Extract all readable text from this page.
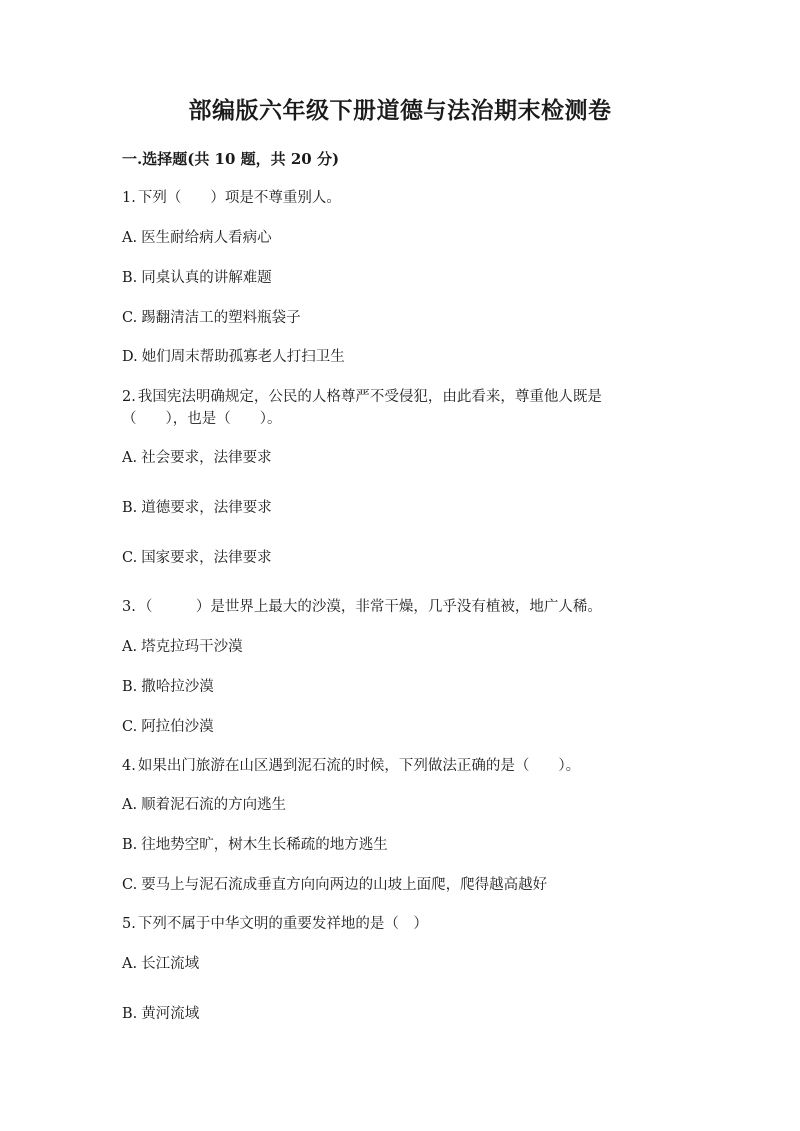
部编版六年级下册道德与法治期末检测卷
一.选择题(共 10 题，共 20 分)
1. 下列（　　）项是不尊重别人。
A. 医生耐给病人看病心
B. 同桌认真的讲解难题
C. 踢翻清洁工的塑料瓶袋子
D. 她们周末帮助孤寡老人打扫卫生
2. 我国宪法明确规定，公民的人格尊严不受侵犯，由此看来，尊重他人既是
（　　），也是（　　）。
A. 社会要求，法律要求
B. 道德要求，法律要求
C. 国家要求，法律要求
3. （　　　）是世界上最大的沙漠，非常干燥，几乎没有植被，地广人稀。
A. 塔克拉玛干沙漠
B. 撒哈拉沙漠
C. 阿拉伯沙漠
4. 如果出门旅游在山区遇到泥石流的时候，下列做法正确的是（　　）。
A. 顺着泥石流的方向逃生
B. 往地势空旷，树木生长稀疏的地方逃生
C. 要马上与泥石流成垂直方向向两边的山坡上面爬，爬得越高越好
5. 下列不属于中华文明的重要发祥地的是（　）
A. 长江流域
B. 黄河流域
